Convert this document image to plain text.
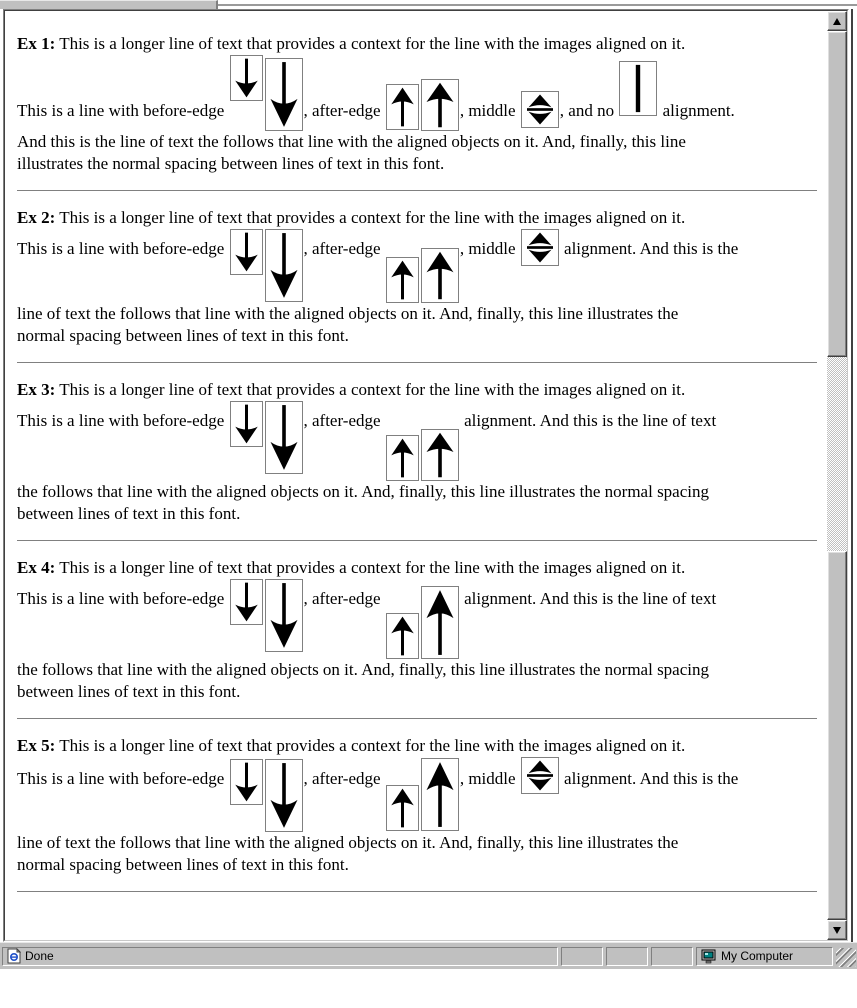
Ex 1: This is a longer line of text that provides a context for the line with the images aligned on it.
This is a line with before-edge	, after-edge	, middle
, and no
alignment.
And this is the line of text the follows that line with the aligned objects on it. And, finally, this line
illustrates the normal spacing between lines of text in this font.

Ex 2: This is a longer line of text that provides a context for the line with the images aligned on it.
This is a line with before-edge	, after-edge	, middle
alignment. And this is the
line of text the follows that line with the aligned objects on it. And, finally, this line illustrates the
normal spacing between lines of text in this font.

Ex 3: This is a longer line of text that provides a context for the line with the images aligned on it.
This is a line with before-edge	, after-edge	alignment. And this is the line of text
the follows that line with the aligned objects on it. And, finally, this line illustrates the normal spacing
between lines of text in this font.

Ex 4: This is a longer line of text that provides a context for the line with the images aligned on it.
This is a line with before-edge	, after-edge	alignment. And this is the line of text
the follows that line with the aligned objects on it. And, finally, this line illustrates the normal spacing
between lines of text in this font.

Ex 5: This is a longer line of text that provides a context for the line with the images aligned on it.
This is a line with before-edge	, after-edge	, middle
alignment. And this is the
line of text the follows that line with the aligned objects on it. And, finally, this line illustrates the
normal spacing between lines of text in this font.

Done	My Computer
